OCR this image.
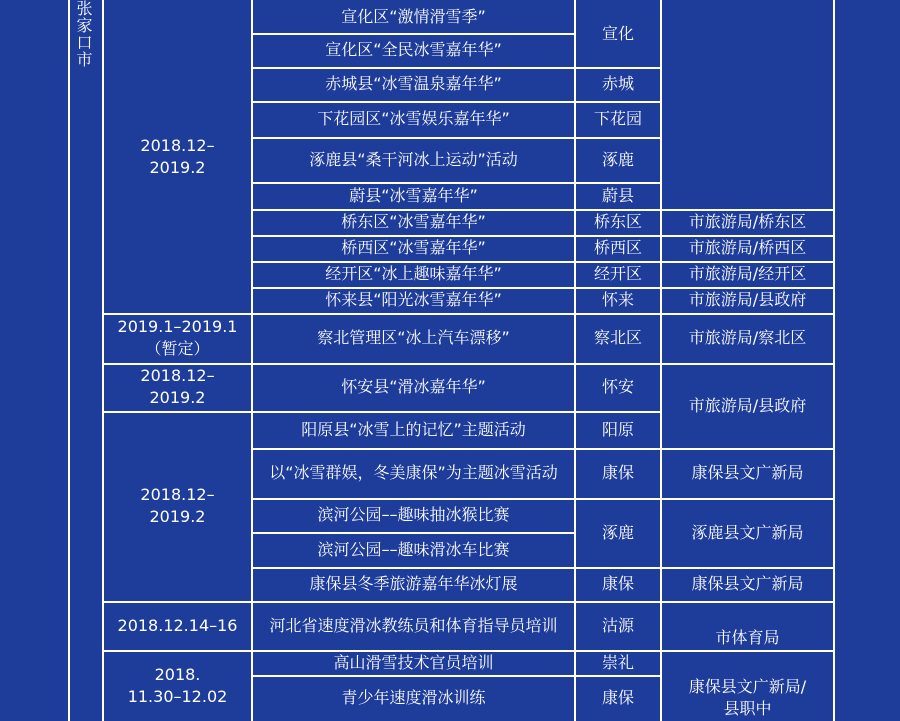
张家口市
2018.12–
2019.2
2019.1–2019.1
（暂定）
2018.12–
2019.2
2018.12–
2019.2
2018.12.14–16
2018.
11.30–12.02
宣化区“激情滑雪季”
宣化区“全民冰雪嘉年华”
赤城县“冰雪温泉嘉年华”
下花园区“冰雪娱乐嘉年华”
涿鹿县“桑干河冰上运动”活动
蔚县“冰雪嘉年华”
桥东区“冰雪嘉年华”
桥西区“冰雪嘉年华”
经开区“冰上趣味嘉年华”
怀来县“阳光冰雪嘉年华”
察北管理区“冰上汽车漂移”
怀安县“滑冰嘉年华”
阳原县“冰雪上的记忆”主题活动
以“冰雪群娱，冬美康保”为主题冰雪活动
滨河公园––趣味抽冰猴比赛
滨河公园––趣味滑冰车比赛
康保县冬季旅游嘉年华冰灯展
河北省速度滑冰教练员和体育指导员培训
高山滑雪技术官员培训
青少年速度滑冰训练
宣化
赤城
下花园
涿鹿
蔚县
桥东区
桥西区
经开区
怀来
察北区
怀安
阳原
康保
涿鹿
康保
沽源
崇礼
康保
市旅游局/桥东区
市旅游局/桥西区
市旅游局/经开区
市旅游局/县政府
市旅游局/察北区
市旅游局/县政府
康保县文广新局
涿鹿县文广新局
康保县文广新局
市体育局
康保县文广新局/
县职中
